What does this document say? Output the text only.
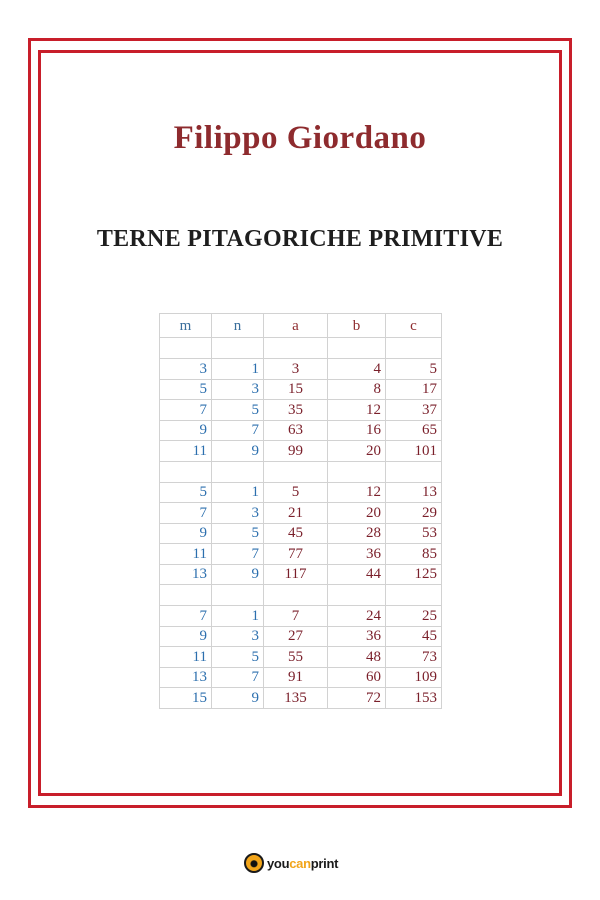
Filippo Giordano
TERNE PITAGORICHE PRIMITIVE
m	n	a	b	c

3	1	3	4	5
5	3	15	8	17
7	5	35	12	37
9	7	63	16	65
11	9	99	20	101

5	1	5	12	13
7	3	21	20	29
9	5	45	28	53
11	7	77	36	85
13	9	117	44	125

7	1	7	24	25
9	3	27	36	45
11	5	55	48	73
13	7	91	60	109
15	9	135	72	153
youcanprint
